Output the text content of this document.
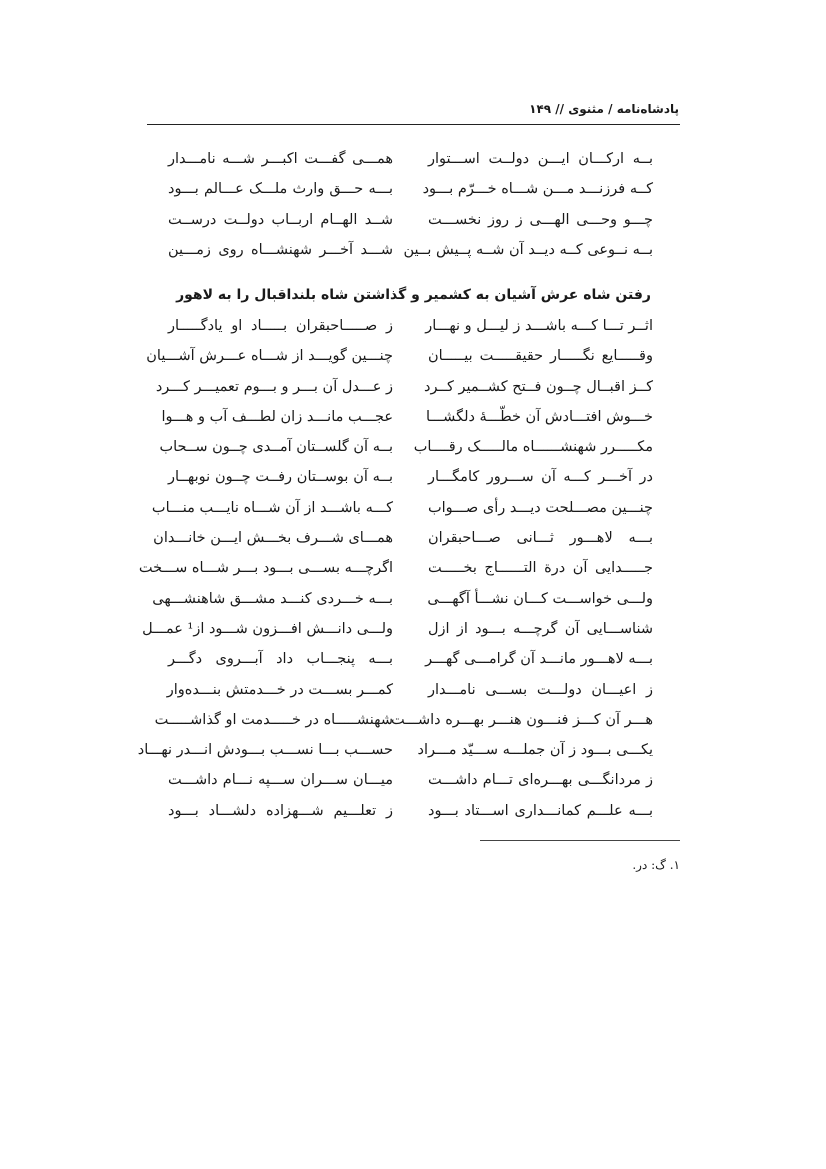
پادشاه‌نامه / مثنوی // ۱۴۹
بــه ارکـــان ایـــن دولــت اســـتوار
همـــی گفـــت اکبـــر شـــه نامـــدار
کــه فرزنـــد مـــن شـــاه خـــرّم بـــود
بـــه حـــق وارث ملـــک عـــالم بـــود
چـــو وحـــی الهـــی ز روز نخســـت
شــد الهــام اربــاب دولــت درســت
بــه نــوعی کــه دیــد آن شــه پــیش بــین
شـــد آخـــر شهنشـــاه روی زمـــین
رفتن شاه عرش آشیان به کشمیر و گذاشتن شاه بلنداقبال را به لاهور
اثــر تـــا کـــه باشـــد ز لیـــل و نهـــار
ز صـــــاحبقران بـــــاد او یادگـــــار
وقـــــایع نگـــــار حقیقـــــت بیـــــان
چنـــین گویـــد از شـــاه عـــرش آشـــیان
کــز اقبــال چــون فــتح کشــمیر کــرد
ز عـــدل آن بـــر و بـــوم تعمیـــر کـــرد
خـــوش افتـــادش آن خطّـــهٔ دلگشـــا
عجـــب مانـــد زان لطـــف آب و هـــوا
مکـــــرر شهنشــــــاه مالـــــک رقــــاب
بــه آن گلســتان آمــدی چــون ســحاب
در آخـــر کـــه آن ســـرور کامگـــار
بــه آن بوســتان رفــت چــون نوبهــار
چنـــین مصـــلحت دیـــد رأی صـــواب
کـــه باشـــد از آن شـــاه نایـــب منـــاب
بـــه لاهـــور ثـــانی صـــاحبقران
همـــای شـــرف بخـــش ایـــن خانـــدان
جـــــدایی آن درة التــــــاج بخـــــت
اگرچـــه بســـی بـــود بـــر شـــاه ســـخت
ولـــی خواســـت کـــان نشـــأ آگهـــی
بـــه خـــردی کنـــد مشـــق شاهنشـــهی
شناســـایی آن گرچـــه بـــود از ازل
ولـــی دانـــش افـــزون شـــود از¹ عمـــل
بـــه لاهـــور مانـــد آن گرامـــی گهـــر
بـــه پنجـــاب داد آبـــروی دگـــر
ز اعیـــان دولـــت بســـی نامـــدار
کمـــر بســـت در خـــدمتش بنـــده‌وار
هـــر آن کـــز فنـــون هنـــر بهـــره داشـــت
شهنشـــــاه در خـــــدمت او گذاشـــــت
یکـــی بـــود ز آن جملـــه ســـیّد مـــراد
حســـب بـــا نســـب بـــودش انـــدر نهـــاد
ز مردانگـــی بهـــره‌ای تـــام داشـــت
میـــان ســـران ســـپه نـــام داشـــت
بـــه علـــم کمانـــداری اســـتاد بـــود
ز تعلـــیم شـــهزاده دلشـــاد بـــود
۱. گ: در.
